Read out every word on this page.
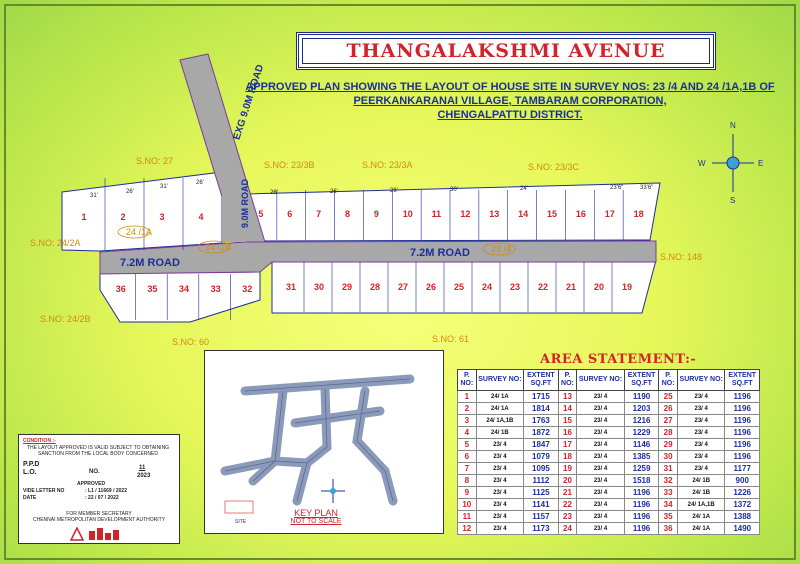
THANGALAKSHMI AVENUE
APPROVED PLAN SHOWING THE LAYOUT OF HOUSE SITE IN SURVEY NOS: 23 /4 AND 24 /1A,1B OF
PEERKANKARANAI VILLAGE, TAMBARAM CORPORATION,
CHENGALPATTU DISTRICT.
1	2	3	4	5	6	7	8	9	10 11 12 13 14 15 16 17 18
36 35 34 33 32	31 30 29 28 27 26 25 24 23 22 21 20 19
31'
26'
31'
26'
26'	26'	26'	30'	24'	23'6"	33'6"
EXG 9.0M ROAD
9.0M ROAD
7.2M ROAD
7.2M ROAD
24 /1A
24 /1B	23 /4
S.NO: 27	S.NO: 23/3B	S.NO: 23/3A	S.NO: 23/3C
S.NO: 24/2A
S.NO: 148
S.NO: 24/2B
S.NO: 60	S.NO: 61
N
W	E
S
SITE
KEY PLAN
NOT TO SCALE
CONDITION :-
THE LAYOUT APPROVED IS VALID SUBJECT TO OBTAINING SANCTION FROM THE LOCAL BODY CONCERNED
P.P.D
L.O.	NO.
11
2023
APPROVED
VIDE LETTER NO	: L1 / 11669 / 2022
DATE	: 22 / 07 / 2022
FOR MEMBER SECRETARY
CHENNAI METROPOLITAN DEVELOPMENT AUTHORITY
AREA STATEMENT:-
P. NO:	SURVEY NO:	EXTENT SQ.FT	P. NO:	SURVEY NO:	EXTENT SQ.FT	P. NO:	SURVEY NO:	EXTENT SQ.FT
1	24/ 1A	1715	13	23/ 4	1190	25	23/ 4	1196
2	24/ 1A	1814	14	23/ 4	1203	26	23/ 4	1196
3	24/ 1A,1B	1763	15	23/ 4	1216	27	23/ 4	1196
4	24/ 1B	1872	16	23/ 4	1229	28	23/ 4	1196
5	23/ 4	1847	17	23/ 4	1146	29	23/ 4	1196
6	23/ 4	1079	18	23/ 4	1385	30	23/ 4	1196
7	23/ 4	1095	19	23/ 4	1259	31	23/ 4	1177
8	23/ 4	1112	20	23/ 4	1518	32	24/ 1B	900
9	23/ 4	1125	21	23/ 4	1196	33	24/ 1B	1226
10	23/ 4	1141	22	23/ 4	1196	34	24/ 1A,1B	1372
11	23/ 4	1157	23	23/ 4	1196	35	24/ 1A	1388
12	23/ 4	1173	24	23/ 4	1196	36	24/ 1A	1490
